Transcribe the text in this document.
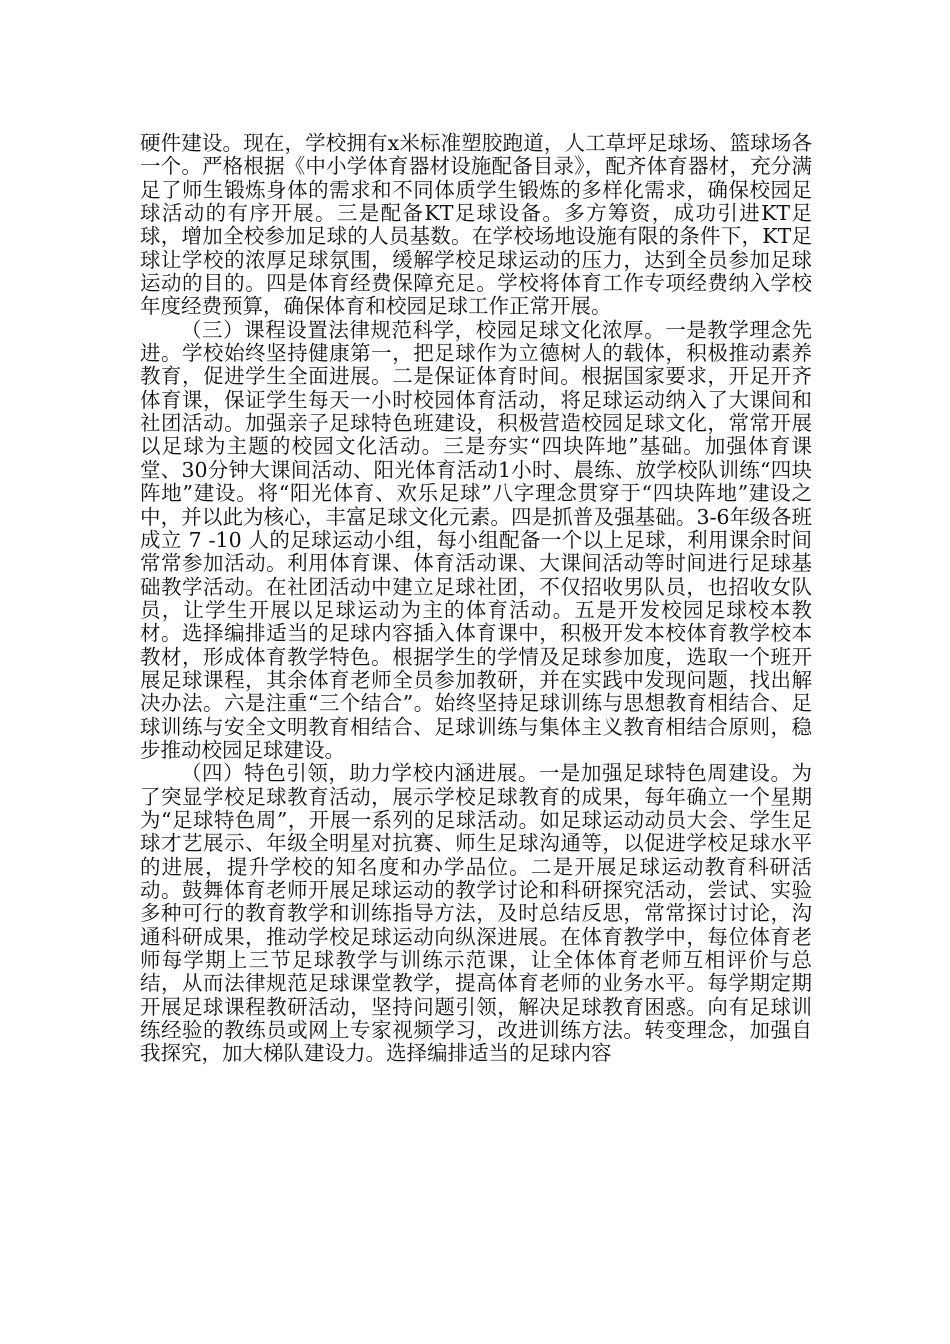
硬件建设。现在，学校拥有x米标准塑胶跑道，人工草坪足球场、篮球场各一个。严格根据《中小学体育器材设施配备目录》，配齐体育器材，充分满足了师生锻炼身体的需求和不同体质学生锻炼的多样化需求，确保校园足球活动的有序开展。三是配备KT足球设备。多方筹资，成功引进KT足球，增加全校参加足球的人员基数。在学校场地设施有限的条件下，KT足球让学校的浓厚足球氛围，缓解学校足球运动的压力，达到全员参加足球运动的目的。四是体育经费保障充足。学校将体育工作专项经费纳入学校年度经费预算，确保体育和校园足球工作正常开展。

（三）课程设置法律规范科学，校园足球文化浓厚。一是教学理念先进。学校始终坚持健康第一，把足球作为立德树人的载体，积极推动素养教育，促进学生全面进展。二是保证体育时间。根据国家要求，开足开齐体育课，保证学生每天一小时校园体育活动，将足球运动纳入了大课间和社团活动。加强亲子足球特色班建设，积极营造校园足球文化，常常开展以足球为主题的校园文化活动。三是夯实“四块阵地”基础。加强体育课堂、30分钟大课间活动、阳光体育活动1小时、晨练、放学校队训练“四块阵地”建设。将“阳光体育、欢乐足球”八字理念贯穿于“四块阵地”建设之中，并以此为核心，丰富足球文化元素。四是抓普及强基础。3-6年级各班成立 7 -10 人的足球运动小组，每小组配备一个以上足球，利用课余时间常常参加活动。利用体育课、体育活动课、大课间活动等时间进行足球基础教学活动。在社团活动中建立足球社团，不仅招收男队员，也招收女队员，让学生开展以足球运动为主的体育活动。五是开发校园足球校本教材。选择编排适当的足球内容插入体育课中，积极开发本校体育教学校本教材，形成体育教学特色。根据学生的学情及足球参加度，选取一个班开展足球课程，其余体育老师全员参加教研，并在实践中发现问题，找出解决办法。六是注重“三个结合”。始终坚持足球训练与思想教育相结合、足球训练与安全文明教育相结合、足球训练与集体主义教育相结合原则，稳步推动校园足球建设。

（四）特色引领，助力学校内涵进展。一是加强足球特色周建设。为了突显学校足球教育活动，展示学校足球教育的成果，每年确立一个星期为“足球特色周”，开展一系列的足球活动。如足球运动动员大会、学生足球才艺展示、年级全明星对抗赛、师生足球沟通等，以促进学校足球水平的进展，提升学校的知名度和办学品位。二是开展足球运动教育科研活动。鼓舞体育老师开展足球运动的教学讨论和科研探究活动，尝试、实验多种可行的教育教学和训练指导方法，及时总结反思，常常探讨讨论，沟通科研成果，推动学校足球运动向纵深进展。在体育教学中，每位体育老师每学期上三节足球教学与训练示范课，让全体体育老师互相评价与总结，从而法律规范足球课堂教学，提高体育老师的业务水平。每学期定期开展足球课程教研活动，坚持问题引领，解决足球教育困惑。向有足球训练经验的教练员或网上专家视频学习，改进训练方法。转变理念，加强自我探究，加大梯队建设力。选择编排适当的足球内容
